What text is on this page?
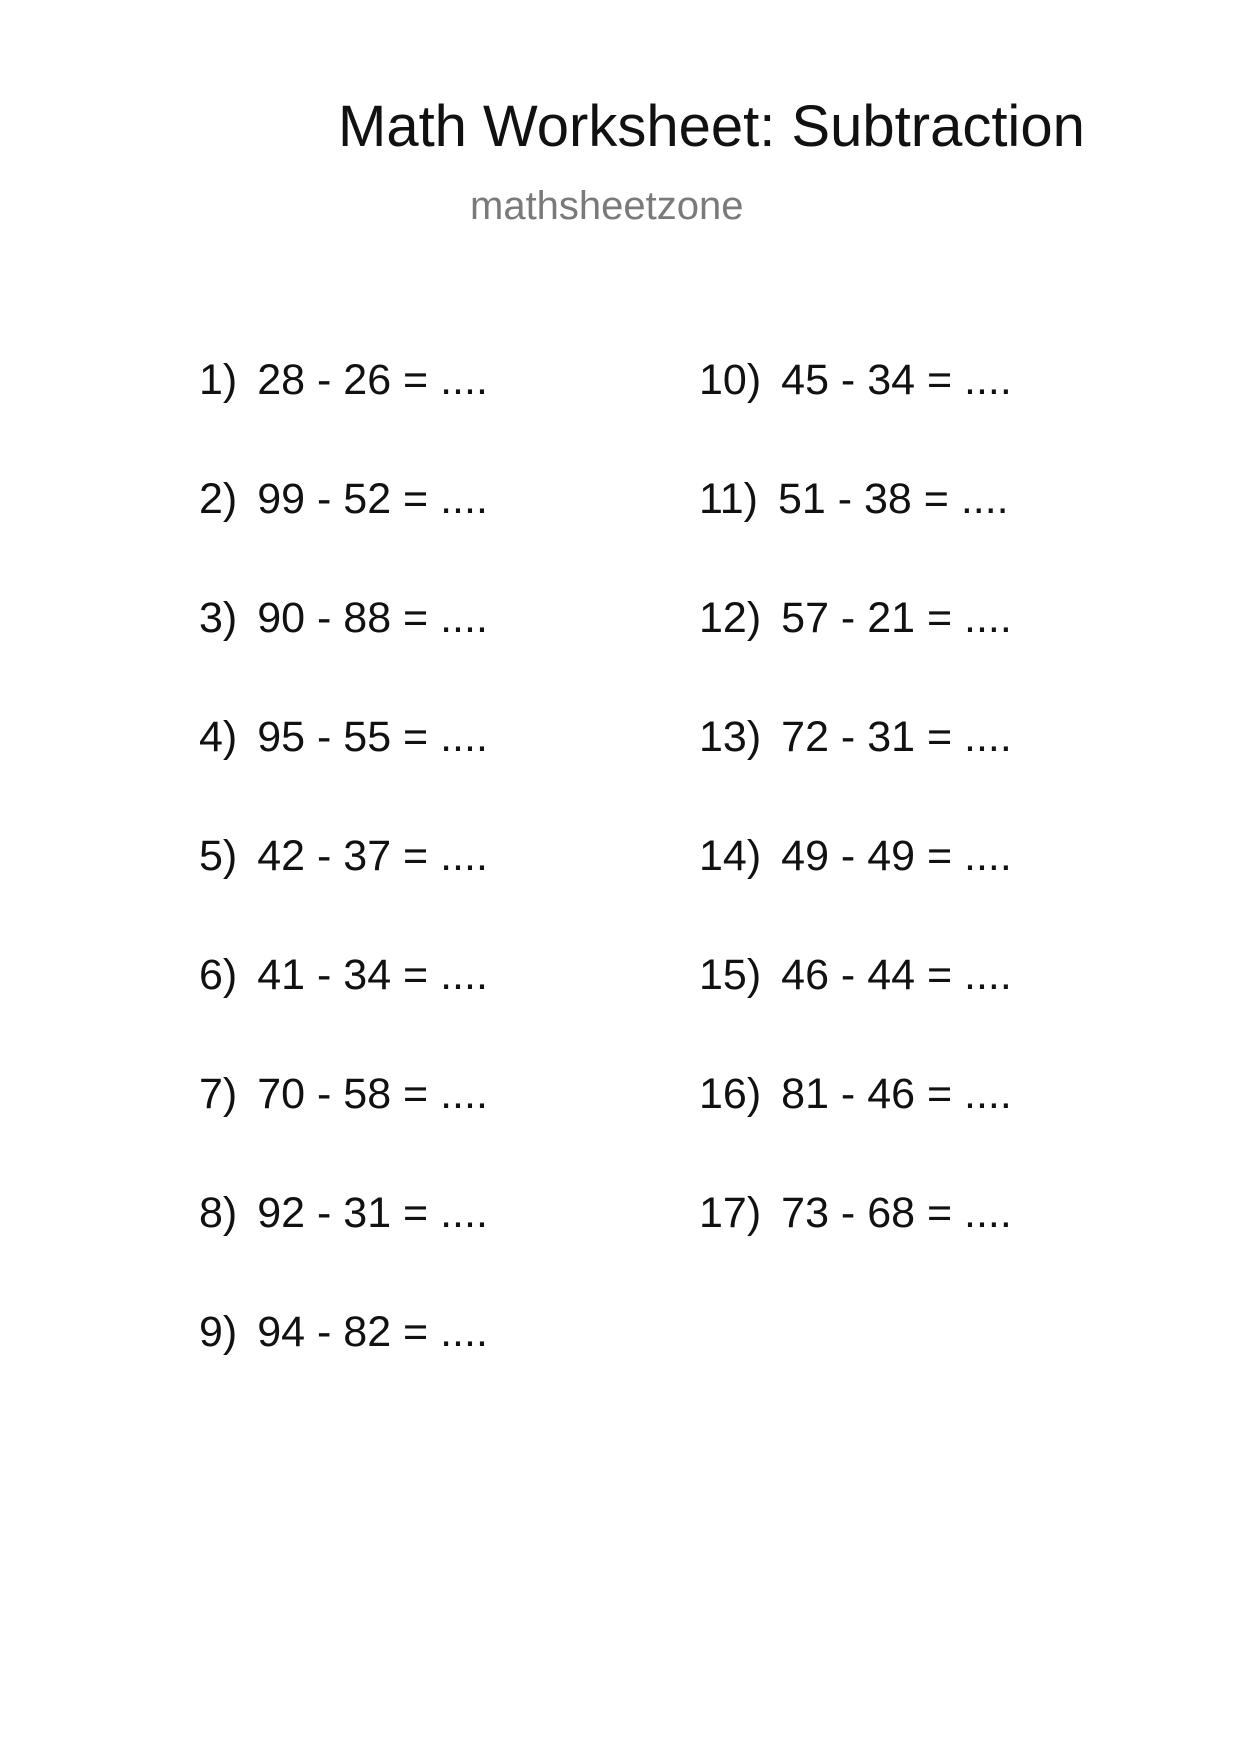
Math Worksheet: Subtraction
mathsheetzone
1) 28 - 26 = ....
2) 99 - 52 = ....
3) 90 - 88 = ....
4) 95 - 55 = ....
5) 42 - 37 = ....
6) 41 - 34 = ....
7) 70 - 58 = ....
8) 92 - 31 = ....
9) 94 - 82 = ....
10) 45 - 34 = ....
11) 51 - 38 = ....
12) 57 - 21 = ....
13) 72 - 31 = ....
14) 49 - 49 = ....
15) 46 - 44 = ....
16) 81 - 46 = ....
17) 73 - 68 = ....
